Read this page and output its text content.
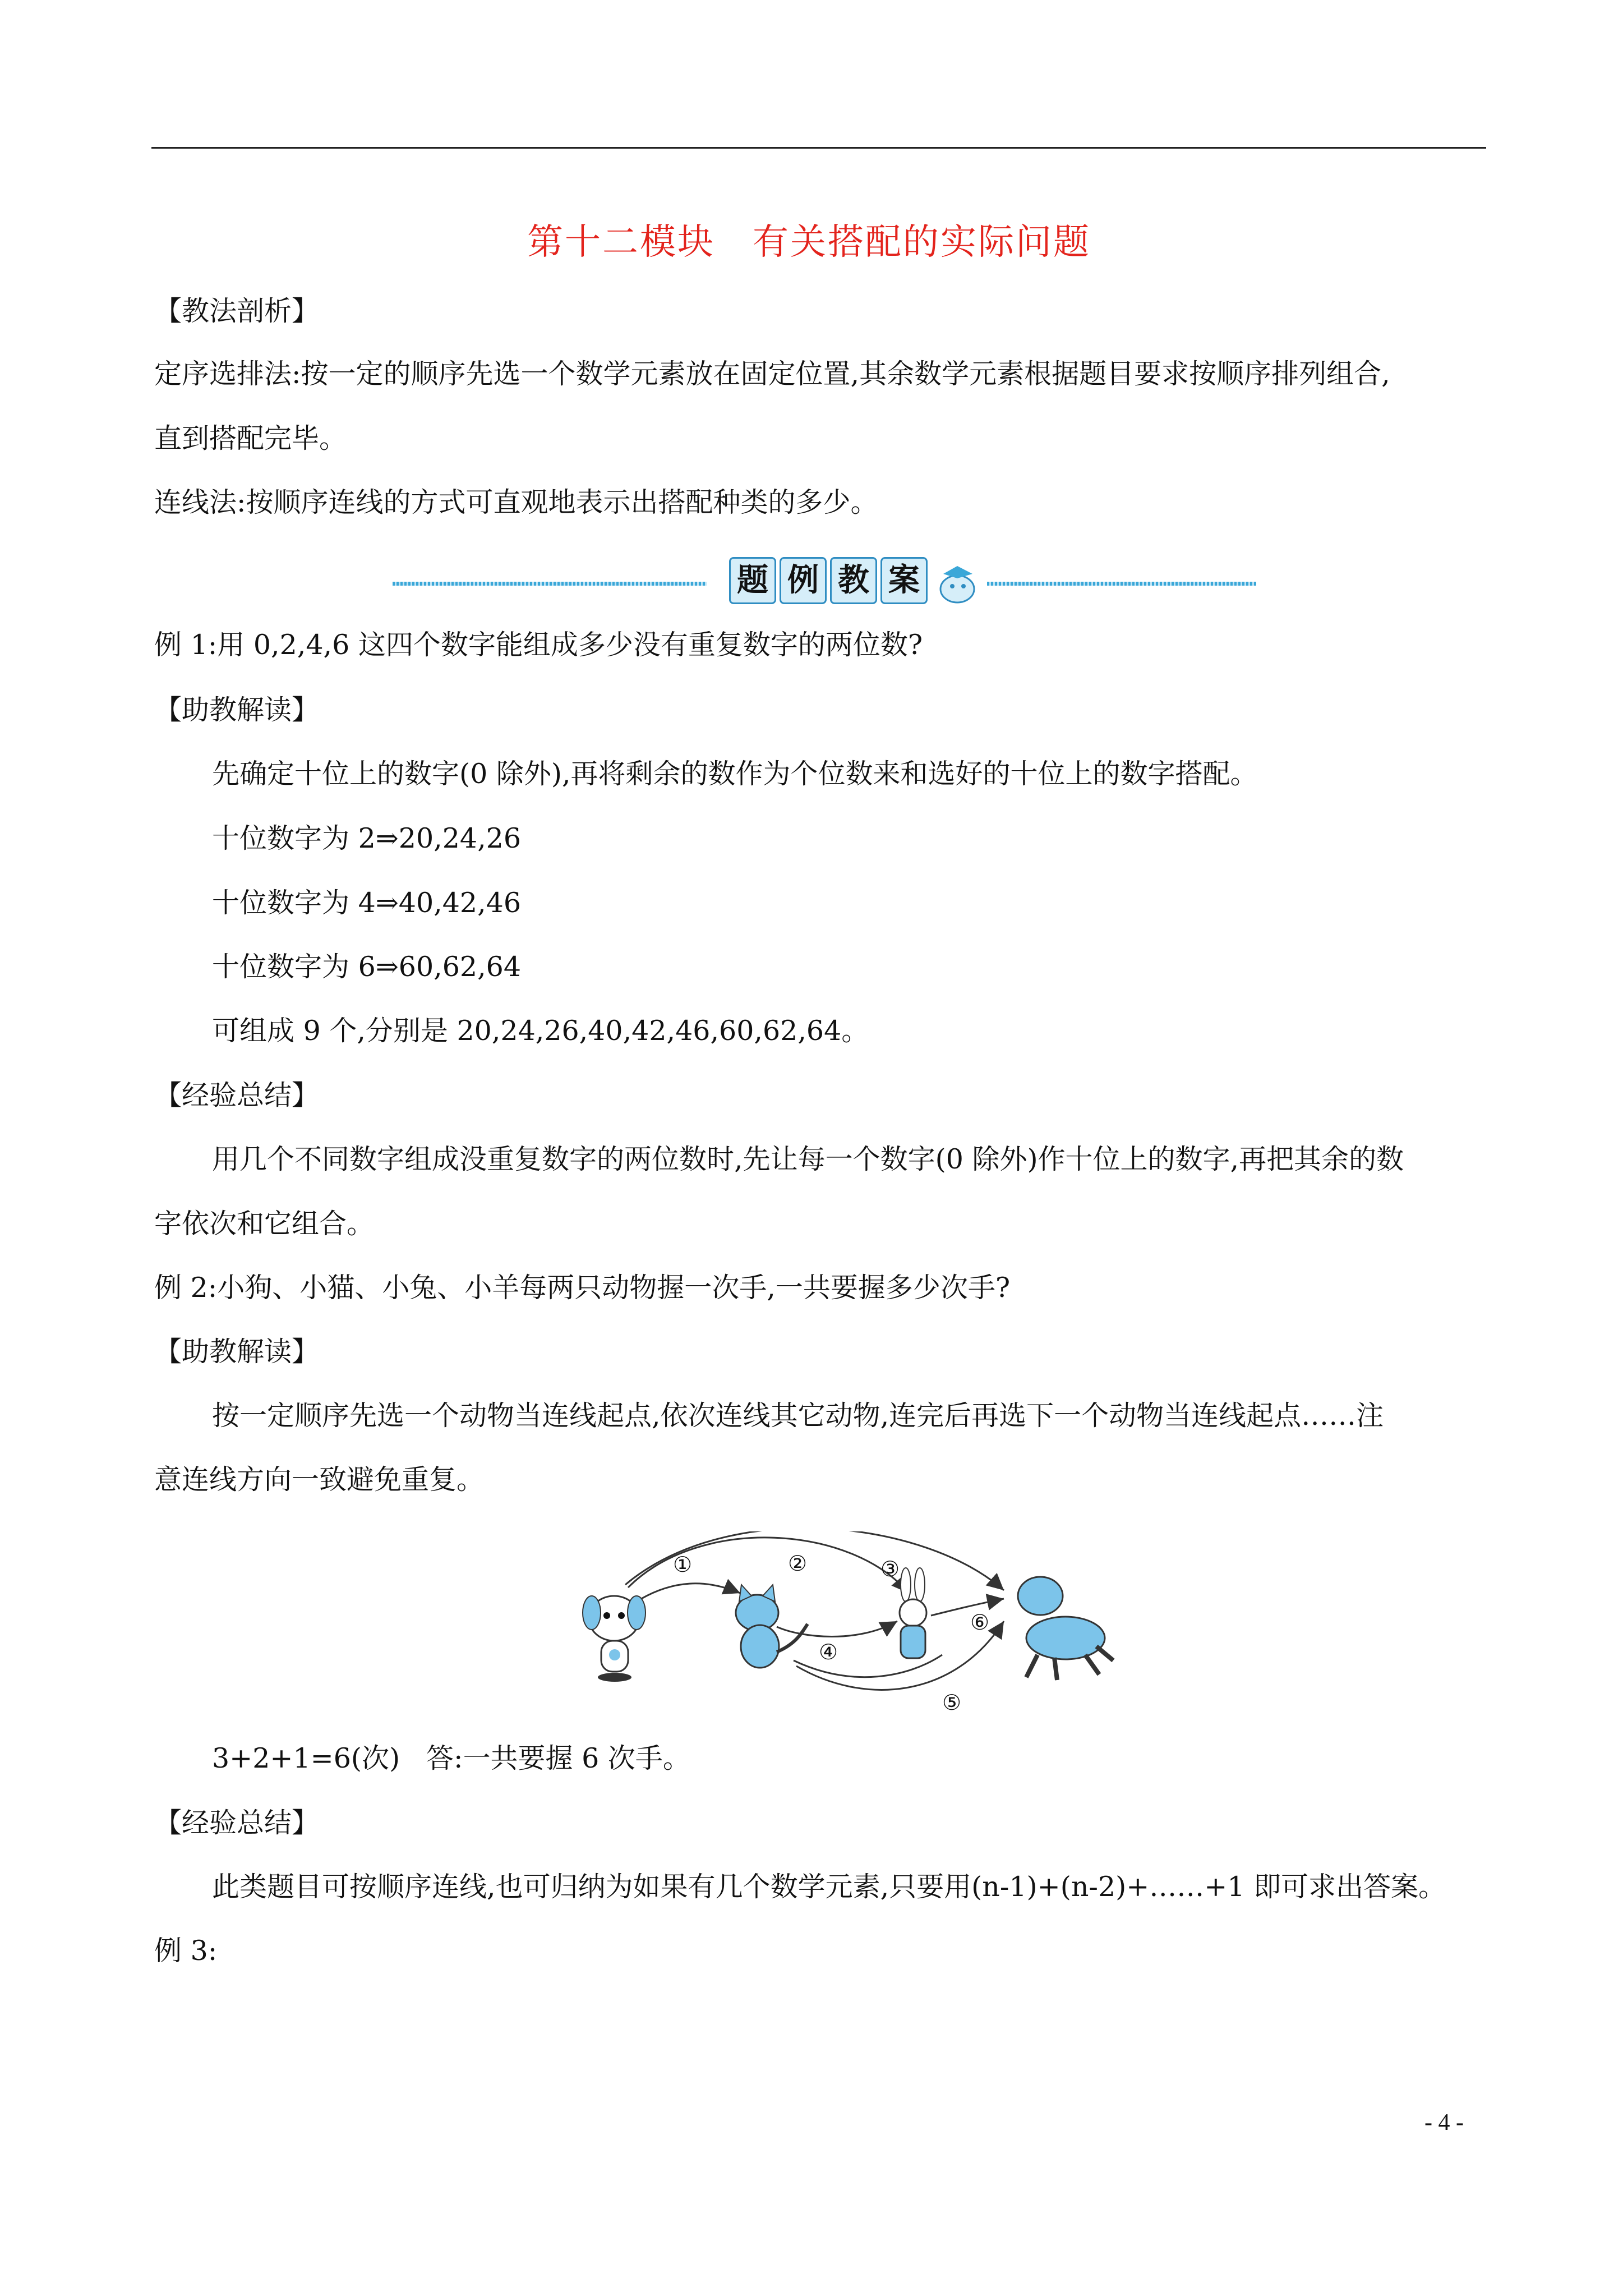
第十二模块　有关搭配的实际问题
【教法剖析】
定序选排法:按一定的顺序先选一个数学元素放在固定位置,其余数学元素根据题目要求按顺序排列组合,
直到搭配完毕。
连线法:按顺序连线的方式可直观地表示出搭配种类的多少。
题 例 教 案
例 1:用 0,2,4,6 这四个数字能组成多少没有重复数字的两位数?
【助教解读】
先确定十位上的数字(0 除外),再将剩余的数作为个位数来和选好的十位上的数字搭配。
十位数字为 2⇒20,24,26
十位数字为 4⇒40,42,46
十位数字为 6⇒60,62,64
可组成 9 个,分别是 20,24,26,40,42,46,60,62,64。
【经验总结】
用几个不同数字组成没重复数字的两位数时,先让每一个数字(0 除外)作十位上的数字,再把其余的数
字依次和它组合。
例 2:小狗、小猫、小兔、小羊每两只动物握一次手,一共要握多少次手?
【助教解读】
按一定顺序先选一个动物当连线起点,依次连线其它动物,连完后再选下一个动物当连线起点……注
意连线方向一致避免重复。
①	②	③
④
⑤
⑥
3+2+1=6(次) 答:一共要握 6 次手。
【经验总结】
此类题目可按顺序连线,也可归纳为如果有几个数学元素,只要用(n-1)+(n-2)+……+1 即可求出答案。
例 3:
- 4 -
